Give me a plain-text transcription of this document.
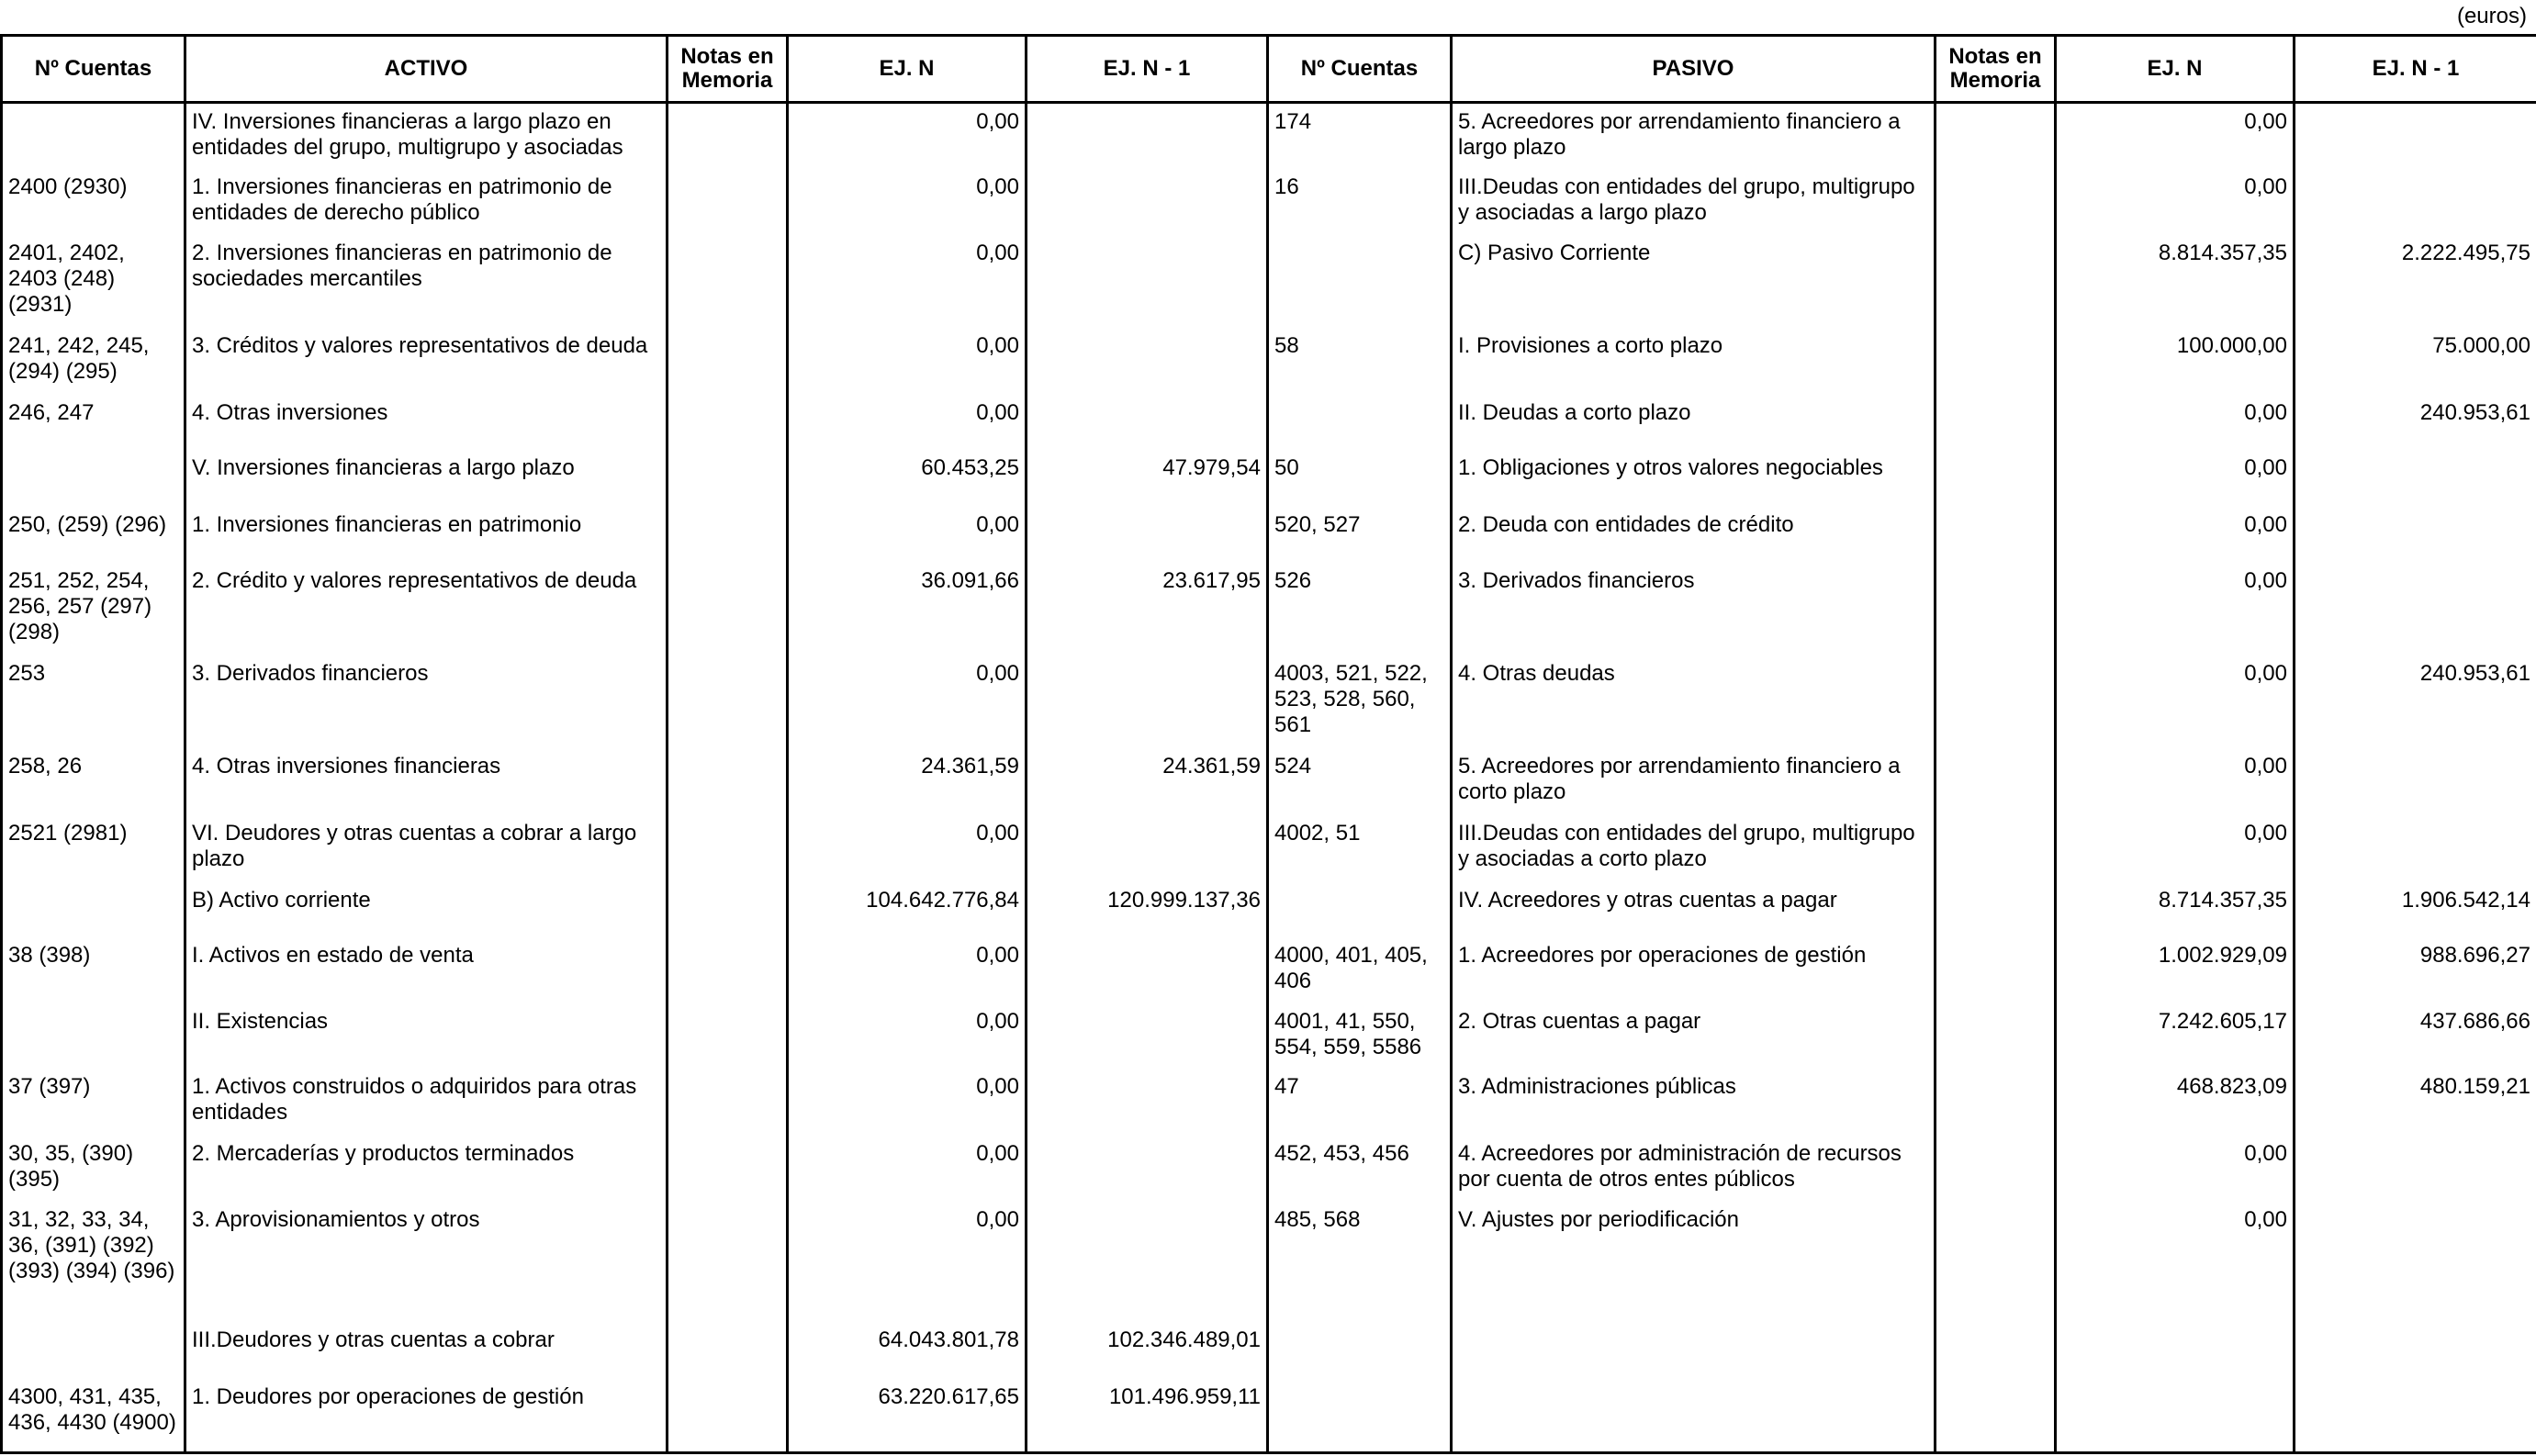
(euros)
Nº Cuentas	ACTIVO	Notas en Memoria	EJ. N	EJ. N - 1	Nº Cuentas	PASIVO	Notas en Memoria	EJ. N	EJ. N - 1
	IV. Inversiones financieras a largo plazo en entidades del grupo, multigrupo y asociadas		0,00		174	5. Acreedores por arrendamiento financiero a largo plazo		0,00	
2400 (2930)	1. Inversiones financieras en patrimonio de entidades de derecho público		0,00		16	III.Deudas con entidades del grupo, multigrupo y asociadas a largo plazo		0,00	
2401, 2402, 2403 (248) (2931)	2. Inversiones financieras en patrimonio de sociedades mercantiles		0,00			C) Pasivo Corriente		8.814.357,35	2.222.495,75
241, 242, 245, (294) (295)	3. Créditos y valores representativos de deuda		0,00		58	I. Provisiones a corto plazo		100.000,00	75.000,00
246, 247	4. Otras inversiones		0,00			II. Deudas a corto plazo		0,00	240.953,61
	V. Inversiones financieras a largo plazo		60.453,25	47.979,54	50	1. Obligaciones y otros valores negociables		0,00	
250, (259) (296)	1. Inversiones financieras en patrimonio		0,00		520, 527	2. Deuda con entidades de crédito		0,00	
251, 252, 254, 256, 257 (297) (298)	2. Crédito y valores representativos de deuda		36.091,66	23.617,95	526	3. Derivados financieros		0,00	
253	3. Derivados financieros		0,00		4003, 521, 522, 523, 528, 560, 561	4. Otras deudas		0,00	240.953,61
258, 26	4. Otras inversiones financieras		24.361,59	24.361,59	524	5. Acreedores por arrendamiento financiero a corto plazo		0,00	
2521 (2981)	VI. Deudores y otras cuentas a cobrar a largo plazo		0,00		4002, 51	III.Deudas con entidades del grupo, multigrupo y asociadas a corto plazo		0,00	
	B) Activo corriente		104.642.776,84	120.999.137,36		IV. Acreedores y otras cuentas a pagar		8.714.357,35	1.906.542,14
38 (398)	I. Activos en estado de venta		0,00		4000, 401, 405, 406	1. Acreedores por operaciones de gestión		1.002.929,09	988.696,27
	II. Existencias		0,00		4001, 41, 550, 554, 559, 5586	2. Otras cuentas a pagar		7.242.605,17	437.686,66
37 (397)	1. Activos construidos o adquiridos para otras entidades		0,00		47	3. Administraciones públicas		468.823,09	480.159,21
30, 35, (390) (395)	2. Mercaderías y productos terminados		0,00		452, 453, 456	4. Acreedores por administración de recursos por cuenta de otros entes públicos		0,00	
31, 32, 33, 34, 36, (391) (392) (393) (394) (396)	3. Aprovisionamientos y otros		0,00		485, 568	V. Ajustes por periodificación		0,00	
	III.Deudores y otras cuentas a cobrar		64.043.801,78	102.346.489,01					
4300, 431, 435, 436, 4430 (4900)	1. Deudores por operaciones de gestión		63.220.617,65	101.496.959,11					
